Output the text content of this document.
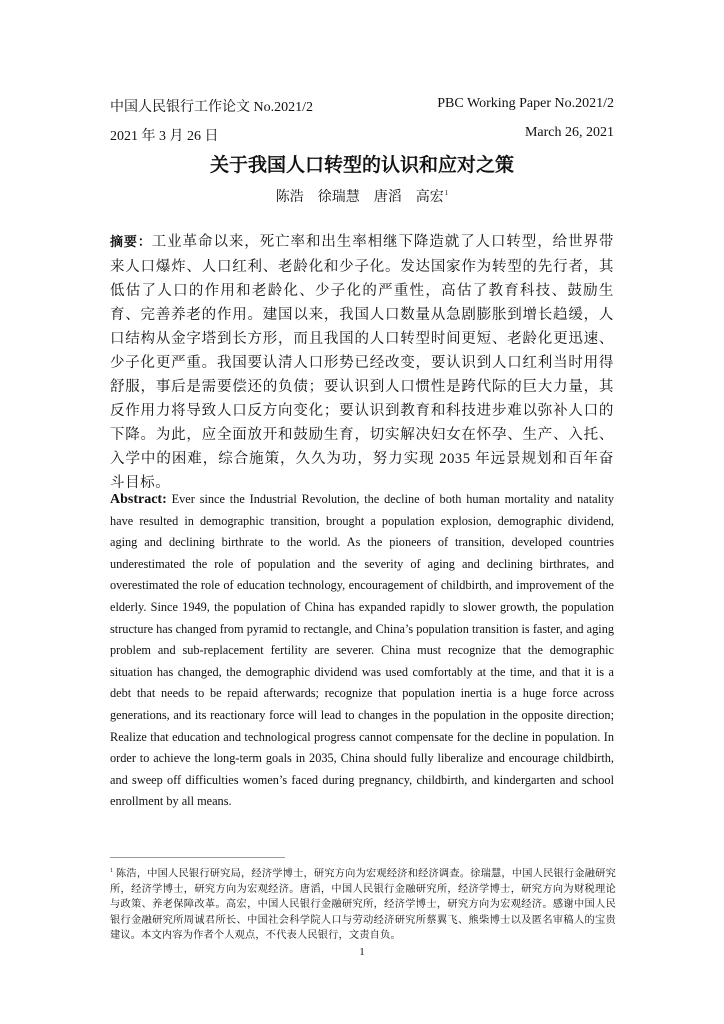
中国人民银行工作论文 No.2021/2	PBC Working Paper No.2021/2
2021 年 3 月 26 日	March 26, 2021
关于我国人口转型的认识和应对之策
陈浩 徐瑞慧 唐滔 高宏$^1$
摘要：工业革命以来，死亡率和出生率相继下降造就了人口转型，给世界带来人口爆炸、人口红利、老龄化和少子化。发达国家作为转型的先行者，其低估了人口的作用和老龄化、少子化的严重性，高估了教育科技、鼓励生育、完善养老的作用。建国以来，我国人口数量从急剧膨胀到增长趋缓，人口结构从金字塔到长方形，而且我国的人口转型时间更短、老龄化更迅速、少子化更严重。我国要认清人口形势已经改变，要认识到人口红利当时用得舒服，事后是需要偿还的负债；要认识到人口惯性是跨代际的巨大力量，其反作用力将导致人口反方向变化；要认识到教育和科技进步难以弥补人口的下降。为此，应全面放开和鼓励生育，切实解决妇女在怀孕、生产、入托、入学中的困难，综合施策，久久为功，努力实现 2035 年远景规划和百年奋斗目标。
Abstract: Ever since the Industrial Revolution, the decline of both human mortality and natality have resulted in demographic transition, brought a population explosion, demographic dividend, aging and declining birthrate to the world. As the pioneers of transition, developed countries underestimated the role of population and the severity of aging and declining birthrates, and overestimated the role of education technology, encouragement of childbirth, and improvement of the elderly. Since 1949, the population of China has expanded rapidly to slower growth, the population structure has changed from pyramid to rectangle, and China’s population transition is faster, and aging problem and sub-replacement fertility are severer. China must recognize that the demographic situation has changed, the demographic dividend was used comfortably at the time, and that it is a debt that needs to be repaid afterwards; recognize that population inertia is a huge force across generations, and its reactionary force will lead to changes in the population in the opposite direction; Realize that education and technological progress cannot compensate for the decline in population. In order to achieve the long-term goals in 2035, China should fully liberalize and encourage childbirth, and sweep off difficulties women’s faced during pregnancy, childbirth, and kindergarten and school enrollment by all means.
$^1$ 陈浩，中国人民银行研究局，经济学博士，研究方向为宏观经济和经济调查。徐瑞慧，中国人民银行金融研究所，经济学博士，研究方向为宏观经济。唐滔，中国人民银行金融研究所，经济学博士，研究方向为财税理论与政策、养老保障改革。高宏，中国人民银行金融研究所，经济学博士，研究方向为宏观经济。感谢中国人民银行金融研究所周诚君所长、中国社会科学院人口与劳动经济研究所蔡翼飞、熊柴博士以及匿名审稿人的宝贵建议。本文内容为作者个人观点，不代表人民银行，文责自负。
1
